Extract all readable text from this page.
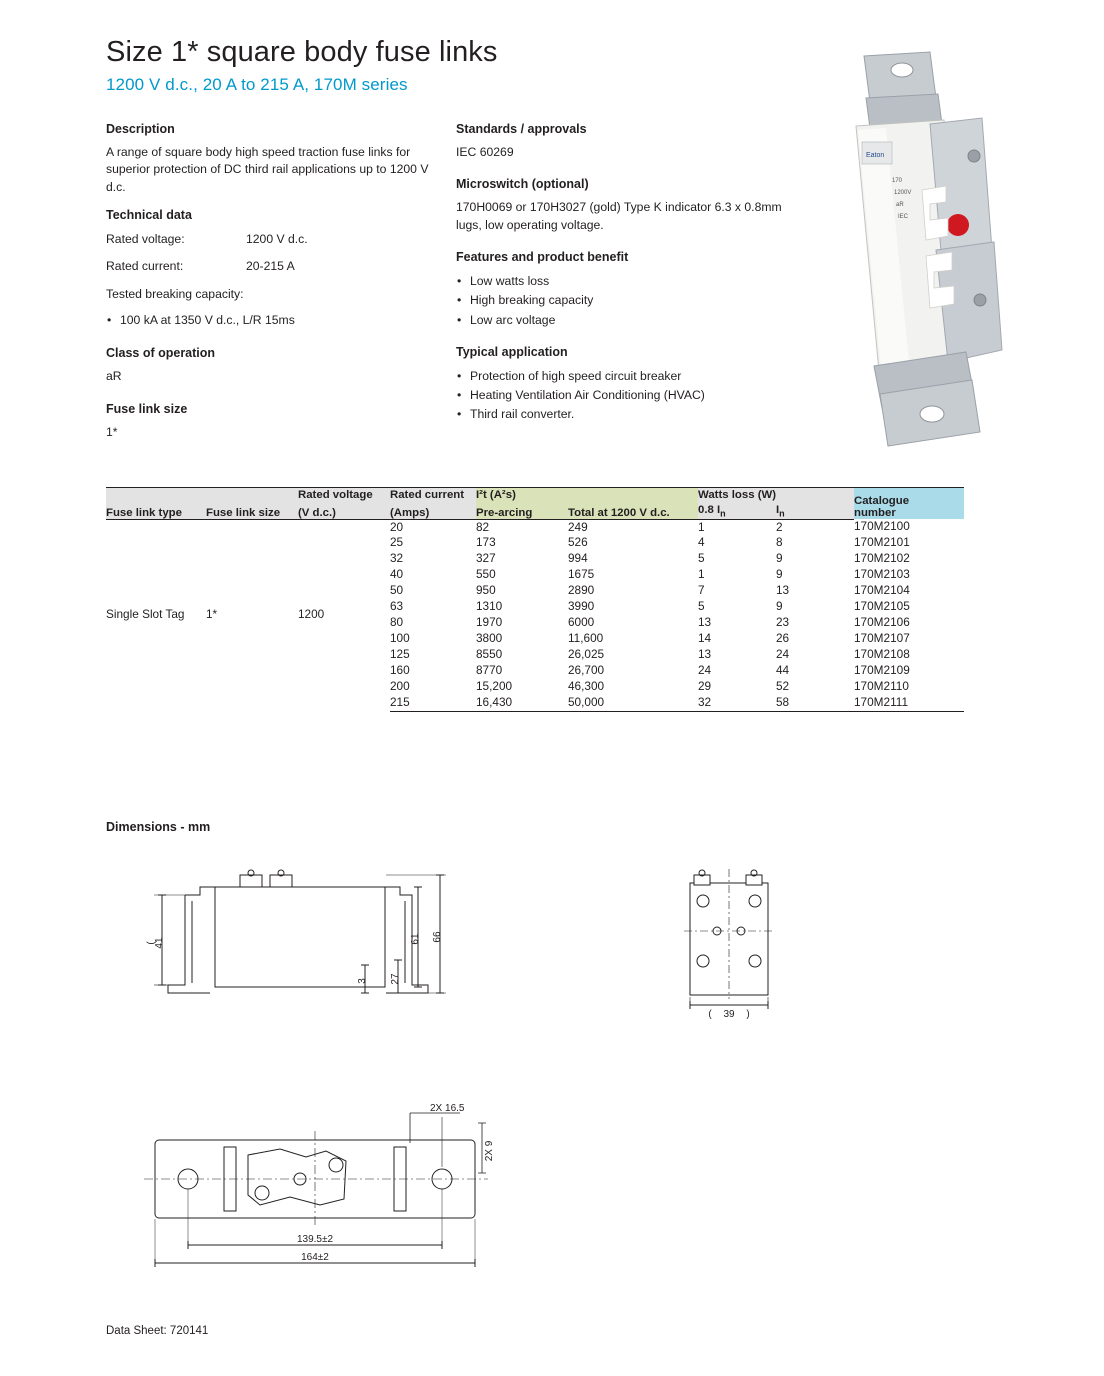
Size 1* square body fuse links
1200 V d.c., 20 A to 215 A, 170M series
Eaton
170
1200V
aR
IEC
Description

A range of square body high speed traction fuse links for superior protection of DC third rail applications up to 1200 V d.c.

Technical data

Rated voltage:	1200 V d.c.

Rated current:	20-215 A

Tested breaking capacity:

• 100 kA at 1350 V d.c., L/R 15ms
Class of operation

aR

Fuse link size

1*

Standards / approvals

IEC 60269

Microswitch (optional)

170H0069 or 170H3027 (gold) Type K indicator 6.3 x 0.8mm lugs, low operating voltage.

Features and product benefit
• Low watts loss
• High breaking capacity
• Low arc voltage
Typical application
• Protection of high speed circuit breaker
• Heating Ventilation Air Conditioning (HVAC)
• Third rail converter.
		Rated voltage	Rated current	I²t (A²s)		Watts loss (W)		Catalogue
number

Fuse link type	Fuse link size	(V d.c.)	(Amps)	Pre-arcing	Total at 1200 V d.c.	0.8 $I_n$	$I_n$
Single Slot Tag	1*	1200	20	82	249	1	2	170M2100
			25	173	526	4	8	170M2101
			32	327	994	5	9	170M2102
			40	550	1675	1	9	170M2103
			50	950	2890	7	13	170M2104
			63	1310	3990	5	9	170M2105
			80	1970	6000	13	23	170M2106
			100	3800	11,600	14	26	170M2107
			125	8550	26,025	13	24	170M2108
			160	8770	26,700	24	44	170M2109
			200	15,200	46,300	29	52	170M2110
			215	16,430	50,000	32	58	170M2111
Dimensions - mm
41	61 66
3 27
(
39
(	)
2X 16.5
2X 9
139.5±2
164±2
Data Sheet: 720141
